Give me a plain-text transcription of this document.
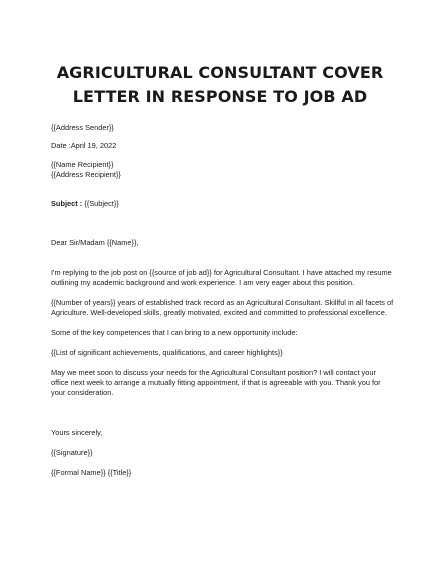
AGRICULTURAL CONSULTANT COVER
LETTER IN RESPONSE TO JOB AD
{{Address Sender}}
Date :April 19, 2022
{{Name Recipient}}
{{Address Recipient}}
Subject : {{Subject}}
Dear Sir/Madam {{Name}},
I'm replying to the job post on {{source of job ad}} for Agricultural Consultant. I have attached my resume
outlining my academic background and work experience. I am very eager about this position.
{{Number of years}} years of established track record as an Agricultural Consultant. Skillful in all facets of
Agriculture. Well-developed skills, greatly motivated, excited and committed to professional excellence.
Some of the key competences that I can bring to a new opportunity include:
{{List of significant achievements, qualifications, and career highlights}}
May we meet soon to discuss your needs for the Agricultural Consultant position? I will contact your
office next week to arrange a mutually fitting appointment, if that is agreeable with you. Thank you for
your consideration.
Yours sincerely,
{{Signature}}
{{Formal Name}} {{Title}}
